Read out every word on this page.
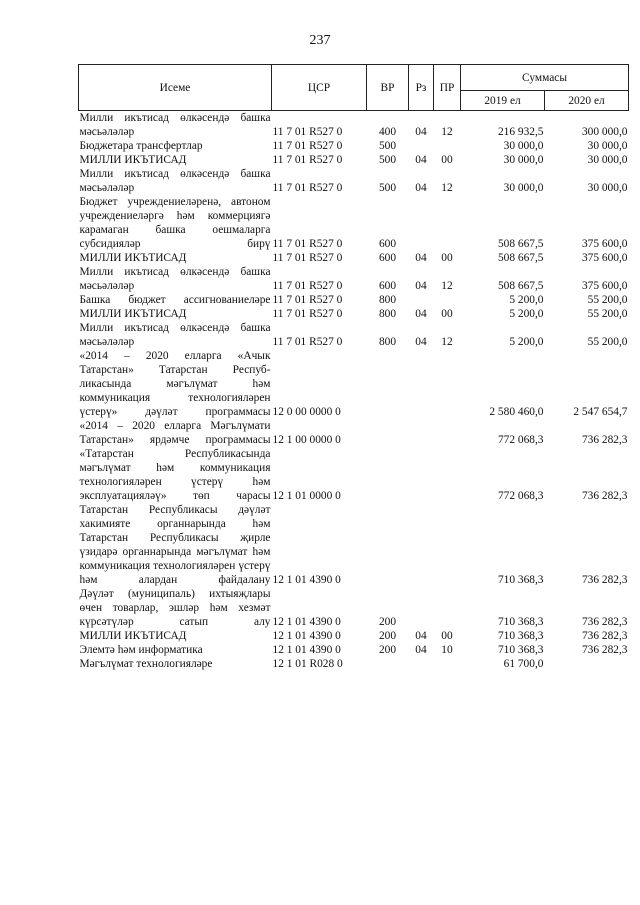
237
Исеме	ЦСР	ВР	Рз	ПР	Суммасы	
					2019 ел	2020 ел
Милли икътисад өлкәсендә башка мәсьәләләр	11 7 01 R527 0	400	04	12	216 932,5	300 000,0
Бюджетара трансфертлар	11 7 01 R527 0	500			30 000,0	30 000,0
МИЛЛИ ИКЪТИСАД	11 7 01 R527 0	500	04	00	30 000,0	30 000,0
Милли икътисад өлкәсендә башка мәсьәләләр	11 7 01 R527 0	500	04	12	30 000,0	30 000,0
Бюджет учреждениеләренә, автоном учреждениеләргә һәм коммерциягә карамаган башка оешмаларга субсидияләр бирү	11 7 01 R527 0	600			508 667,5	375 600,0
МИЛЛИ ИКЪТИСАД	11 7 01 R527 0	600	04	00	508 667,5	375 600,0
Милли икътисад өлкәсендә башка мәсьәләләр	11 7 01 R527 0	600	04	12	508 667,5	375 600,0
Башка бюджет ассигнованиеләре	11 7 01 R527 0	800			5 200,0	55 200,0
МИЛЛИ ИКЪТИСАД	11 7 01 R527 0	800	04	00	5 200,0	55 200,0
Милли икътисад өлкәсендә башка мәсьәләләр	11 7 01 R527 0	800	04	12	5 200,0	55 200,0
«2014 – 2020 елларга «Ачык Татарстан» Татарстан Республикасында мәгълүмат һәм коммуникация технологияләрен үстерү» дәүләт программасы	12 0 00 0000 0				2 580 460,0	2 547 654,7
«2014 – 2020 елларга Мәгълүмати Татарстан» ярдәмче программасы	12 1 00 0000 0				772 068,3	736 282,3
«Татарстан Республикасында мәгълүмат һәм коммуникация технологияләрен үстерү һәм эксплуатацияләү» төп чарасы	12 1 01 0000 0				772 068,3	736 282,3
Татарстан Республикасы дәүләт хакимияте органнарында һәм Татарстан Республикасы җирле үзидарә органнарында мәгълүмат һәм коммуникация технологияләрен үстерү һәм алардан файдалану	12 1 01 4390 0				710 368,3	736 282,3
Дәүләт (муниципаль) ихтыяҗлары өчен товарлар, эшләр һәм хезмәт күрсәтүләр сатып алу	12 1 01 4390 0	200			710 368,3	736 282,3
МИЛЛИ ИКЪТИСАД	12 1 01 4390 0	200	04	00	710 368,3	736 282,3
Элемтә һәм информатика	12 1 01 4390 0	200	04	10	710 368,3	736 282,3
Мәгълүмат технологияләре	12 1 01 R028 0				61 700,0	
